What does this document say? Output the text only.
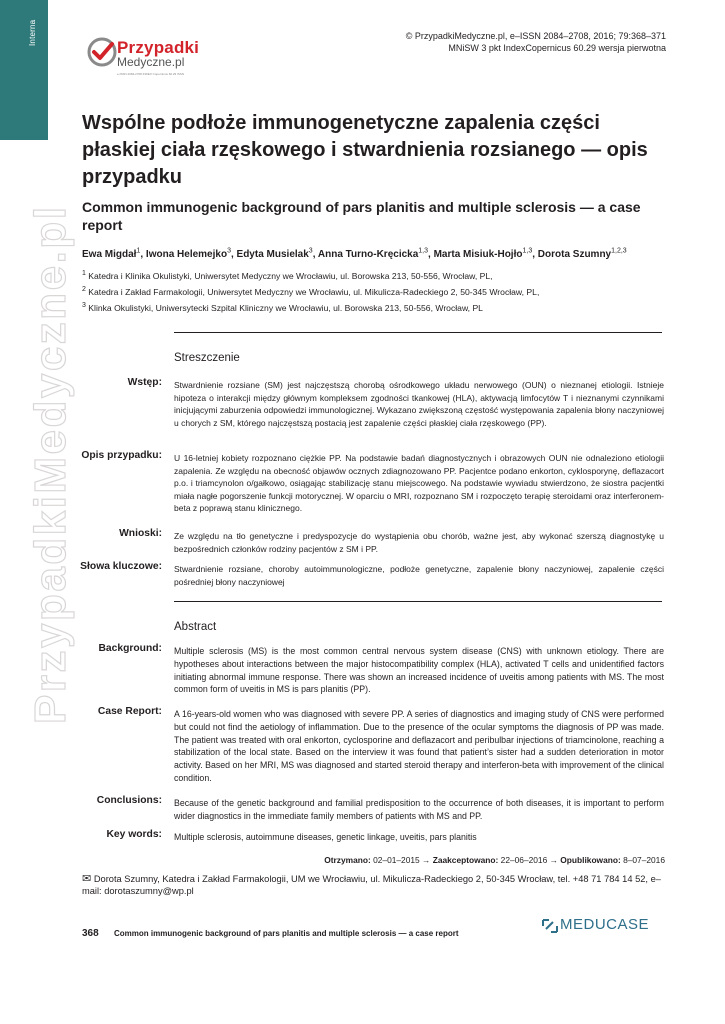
Interna
PrzypadkiMedyczne.pl
Przypadki
Medyczne.pl
e-ISSN 2084-2708 INDEX Copernicus 60.29 ISSN
© PrzypadkiMedyczne.pl, e–ISSN 2084–2708, 2016; 79:368–371
MNiSW 3 pkt IndexCopernicus 60.29 wersja pierwotna
Wspólne podłoże immunogenetyczne zapalenia części płaskiej ciała rzęskowego i stwardnienia rozsianego — opis przypadku
Common immunogenic background of pars planitis and multiple sclerosis — a case report
Ewa Migdał$^1$, Iwona Helemejko$^3$, Edyta Musielak$^3$, Anna Turno-Kręcicka$^{1,3}$, Marta Misiuk-Hojło$^{1,3}$, Dorota Szumny$^{1,2,3}$
$^1$ Katedra i Klinika Okulistyki, Uniwersytet Medyczny we Wrocławiu, ul. Borowska 213, 50-556, Wrocław, PL,
$^2$ Katedra i Zakład Farmakologii, Uniwersytet Medyczny we Wrocławiu, ul. Mikulicza-Radeckiego 2, 50-345 Wrocław, PL,
$^3$ Klinka Okulistyki, Uniwersytecki Szpital Kliniczny we Wrocławiu, ul. Borowska 213, 50-556, Wrocław, PL
Streszczenie
Wstęp: Stwardnienie rozsiane (SM) jest najczęstszą chorobą ośrodkowego układu nerwowego (OUN) o nieznanej etiologii. Istnieje hipoteza o interakcji między głównym kompleksem zgodności tkankowej (HLA), aktywacją limfocytów T i nieznanymi czynnikami inicjującymi zaburzenia odpowiedzi immunologicznej. Wykazano zwiększoną częstość występowania zapalenia błony naczyniowej u chorych z SM, którego najczęstszą postacią jest zapalenie części płaskiej ciała rzęskowego (PP).
Opis przypadku: U 16-letniej kobiety rozpoznano ciężkie PP. Na podstawie badań diagnostycznych i obrazowych OUN nie odnaleziono etiologii zapalenia. Ze względu na obecność objawów ocznych zdiagnozowano PP. Pacjentce podano enkorton, cyklosporynę, deflazacort p.o. i triamcynolon o/gałkowo, osiągając stabilizację stanu miejscowego. Na podstawie wywiadu stwierdzono, że siostra pacjentki miała nagłe pogorszenie funkcji motorycznej. W oparciu o MRI, rozpoznano SM i rozpoczęto terapię steroidami oraz interferonem-beta z poprawą stanu klinicznego.
Wnioski: Ze względu na tło genetyczne i predyspozycje do wystąpienia obu chorób, ważne jest, aby wykonać szerszą diagnostykę u bezpośrednich członków rodziny pacjentów z SM i PP.
Słowa kluczowe: Stwardnienie rozsiane, choroby autoimmunologiczne, podłoże genetyczne, zapalenie błony naczyniowej, zapalenie części pośredniej błony naczyniowej
Abstract
Background: Multiple sclerosis (MS) is the most common central nervous system disease (CNS) with unknown etiology. There are hypotheses about interactions between the major histocompatibility complex (HLA), activated T cells and unidentified factors initiating abnormal immune response. There was shown an increased incidence of uveitis among patients with MS. The most common form of uveitis in MS is pars planitis (PP).
Case Report: A 16-years-old women who was diagnosed with severe PP. A series of diagnostics and imaging study of CNS were performed but could not find the aetiology of inflammation. Due to the presence of the ocular symptoms the diagnosis of PP was made. The patient was treated with oral enkorton, cyclosporine and deflazacort and peribulbar injections of triamcinolone, reaching a stabilization of the local state. Based on the interview it was found that patient’s sister had a sudden deterioration in motor activity. Based on her MRI, MS was diagnosed and started steroid therapy and interferon-beta with improvement of the clinical condition.
Conclusions: Because of the genetic background and familial predisposition to the occurrence of both diseases, it is important to perform wider diagnostics in the immediate family members of patients with MS and PP.
Key words: Multiple sclerosis, autoimmune diseases, genetic linkage, uveitis, pars planitis
Otrzymano: 02–01–2015 → Zaakceptowano: 22–06–2016 → Opublikowano: 8–07–2016
✉ Dorota Szumny, Katedra i Zakład Farmakologii, UM we Wrocławiu, ul. Mikulicza-Radeckiego 2, 50-345 Wrocław, tel. +48 71 784 14 52, e–mail: dorotaszumny@wp.pl
368 Common immunogenic background of pars planitis and multiple sclerosis — a case report
MEDUCASE
